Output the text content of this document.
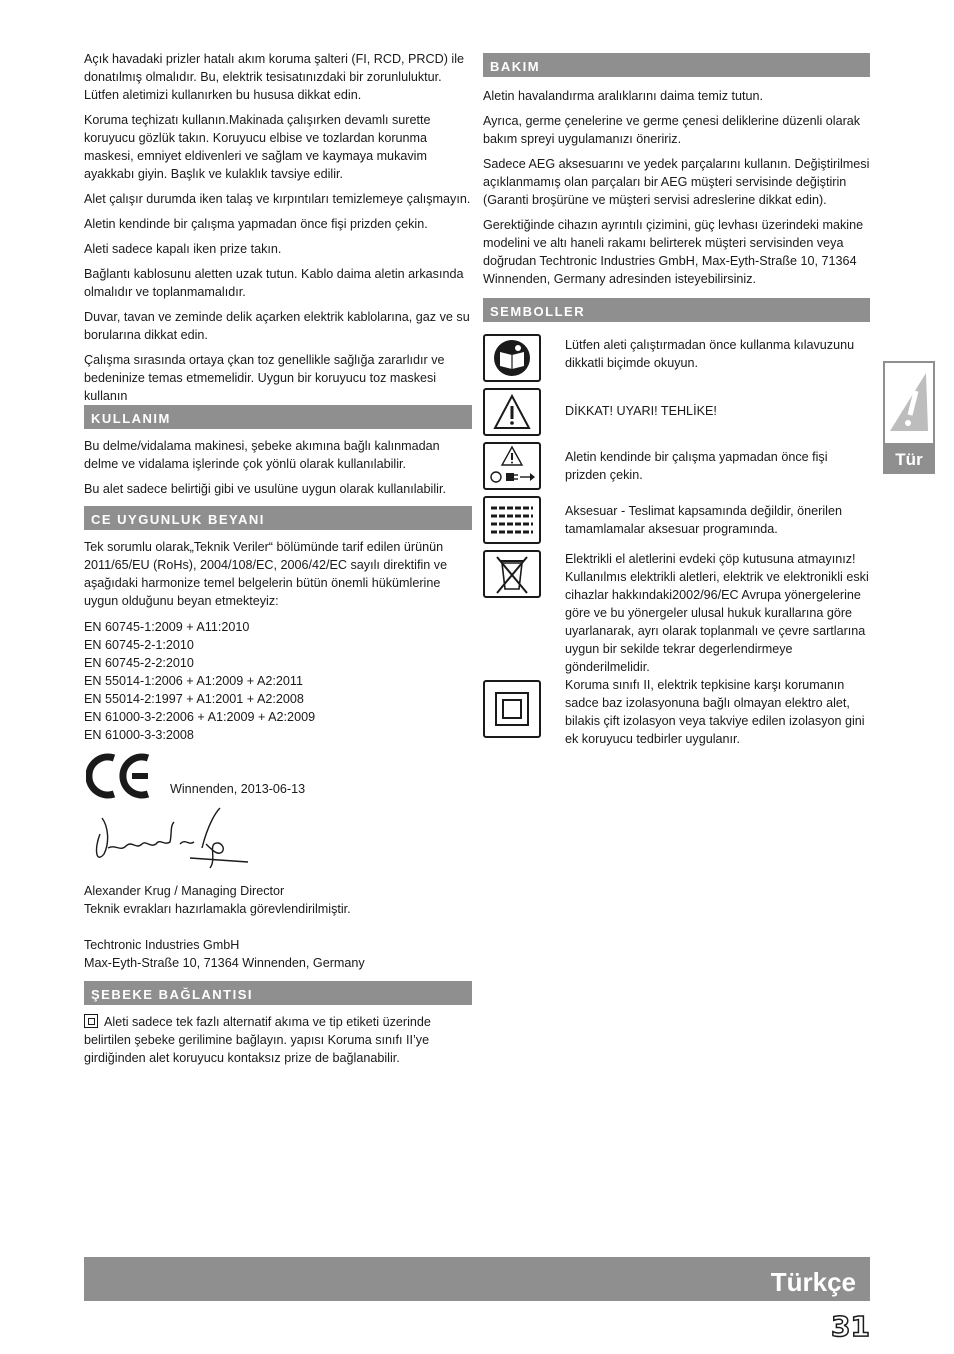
Açık havadaki prizler hatalı akım koruma şalteri (FI, RCD, PRCD) ile donatılmış olmalıdır. Bu, elektrik tesisatınızdaki bir zorunluluktur. Lütfen aletimizi kullanırken bu hususa dikkat edin.

Koruma teçhizatı kullanın.Makinada çalışırken devamlı surette koruyucu gözlük takın. Koruyucu elbise ve tozlardan korunma maskesi, emniyet eldivenleri ve sağlam ve kaymaya mukavim ayakkabı giyin. Başlık ve kulaklık tavsiye edilir.

Alet çalışır durumda iken talaş ve kırpıntıları temizlemeye çalışmayın.

Aletin kendinde bir çalışma yapmadan önce fişi prizden çekin.

Aleti sadece kapalı iken prize takın.

Bağlantı kablosunu aletten uzak tutun. Kablo daima aletin arkasında olmalıdır ve toplanmamalıdır.

Duvar, tavan ve zeminde delik açarken elektrik kablolarına, gaz ve su borularına dikkat edin.

Çalışma sırasında ortaya çkan toz genellikle sağlığa zararlıdır ve bedeninize temas etmemelidir. Uygun bir koruyucu toz maskesi kullanın

KULLANIM

Bu delme/vidalama makinesi, şebeke akımına bağlı kalınmadan delme ve vidalama işlerinde çok yönlü olarak kullanılabilir.

Bu alet sadece belirtiği gibi ve usulüne uygun olarak kullanılabilir.

CE UYGUNLUK BEYANI

Tek sorumlu olarak„Teknik Veriler“ bölümünde tarif edilen ürünün 2011/65/EU (RoHs), 2004/108/EC, 2006/42/EC sayılı direktifin ve aşağıdaki harmonize temel belgelerin bütün önemli hükümlerine uygun olduğunu beyan etmekteyiz:

EN 60745-1:2009 + A11:2010
EN 60745-2-1:2010
EN 60745-2-2:2010
EN 55014-1:2006 + A1:2009 + A2:2011
EN 55014-2:1997 + A1:2001 + A2:2008
EN 61000-3-2:2006 + A1:2009 + A2:2009
EN 61000-3-3:2008
Winnenden, 2013-06-13
Alexander Krug / Managing Director
Teknik evrakları hazırlamakla görevlendirilmiştir.
Techtronic Industries GmbH
Max-Eyth-Straße 10, 71364 Winnenden, Germany
ŞEBEKE BAĞLANTISI

Aleti sadece tek fazlı alternatif akıma ve tip etiketi üzerinde belirtilen şebeke gerilimine bağlayın. yapısı Koruma sınıfı II’ye girdiğinden alet koruyucu kontaksız prize de bağlanabilir.

BAKIM

Aletin havalandırma aralıklarını daima temiz tutun.

Ayrıca, germe çenelerine ve germe çenesi deliklerine düzenli olarak bakım spreyi uygulamanızı öneririz.

Sadece AEG aksesuarını ve yedek parçalarını kullanın. Değiştirilmesi açıklanmamış olan parçaları bir AEG müşteri servisinde değiştirin (Garanti broşürüne ve müşteri servisi adreslerine dikkat edin).

Gerektiğinde cihazın ayrıntılı çizimini, güç levhası üzerindeki makine modelini ve altı haneli rakamı belirterek müşteri servisinden veya doğrudan Techtronic Industries GmbH, Max-Eyth-Straße 10, 71364 Winnenden, Germany adresinden isteyebilirsiniz.

SEMBOLLER
Lütfen aleti çalıştırmadan önce kullanma kılavuzunu dikkatli biçimde okuyun.
DİKKAT! UYARI! TEHLİKE!
Aletin kendinde bir çalışma yapmadan önce fişi prizden çekin.
Aksesuar - Teslimat kapsamında değildir, önerilen tamamlamalar aksesuar programında.
Elektrikli el aletlerini evdeki çöp kutusuna atmayınız! Kullanılmıs elektrikli aletleri, elektrik ve elektronikli eski cihazlar hakkındaki2002/96/EC Avrupa yönergelerine göre ve bu yönergeler ulusal hukuk kurallarına göre uyarlanarak, ayrı olarak toplanmalı ve çevre sartlarına uygun bir sekilde tekrar degerlendirmeye gönderilmelidir.
Koruma sınıfı II, elektrik tepkisine karşı korumanın sadce baz izolasyonuna bağlı olmayan elektro alet, bilakis çift izolasyon veya takviye edilen izolasyon gini ek koruyucu tedbirler uygulanır.
Tür
Türkçe
31
